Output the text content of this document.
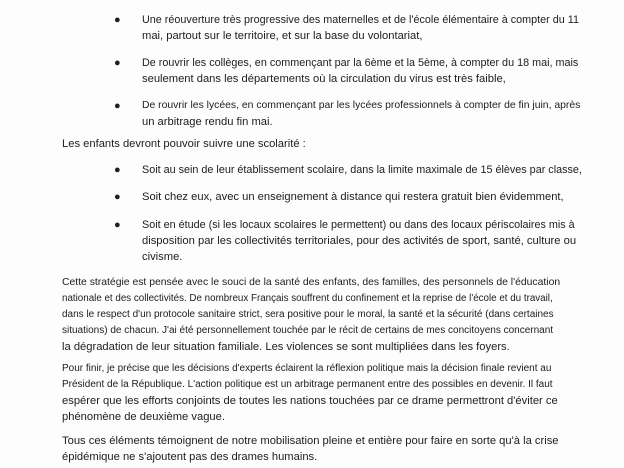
● Une réouverture très progressive des maternelles et de l'école élémentaire à compter du 11
mai, partout sur le territoire, et sur la base du volontariat,
● De rouvrir les collèges, en commençant par la 6ème et la 5ème, à compter du 18 mai, mais
seulement dans les départements où la circulation du virus est très faible,
● De rouvrir les lycées, en commençant par les lycées professionnels à compter de fin juin, après
un arbitrage rendu fin mai.
Les enfants devront pouvoir suivre une scolarité :
● Soit au sein de leur établissement scolaire, dans la limite maximale de 15 élèves par classe,
● Soit chez eux, avec un enseignement à distance qui restera gratuit bien évidemment,
● Soit en étude (si les locaux scolaires le permettent) ou dans des locaux périscolaires mis à
disposition par les collectivités territoriales, pour des activités de sport, santé, culture ou
civisme.
Cette stratégie est pensée avec le souci de la santé des enfants, des familles, des personnels de l'éducation
nationale et des collectivités. De nombreux Français souffrent du confinement et la reprise de l'école et du travail,
dans le respect d'un protocole sanitaire strict, sera positive pour le moral, la santé et la sécurité (dans certaines
situations) de chacun. J'ai été personnellement touchée par le récit de certains de mes concitoyens concernant
la dégradation de leur situation familiale. Les violences se sont multipliées dans les foyers.
Pour finir, je précise que les décisions d'experts éclairent la réflexion politique mais la décision finale revient au
Président de la République. L'action politique est un arbitrage permanent entre des possibles en devenir. Il faut
espérer que les efforts conjoints de toutes les nations touchées par ce drame permettront d'éviter ce
phénomène de deuxième vague.
Tous ces éléments témoignent de notre mobilisation pleine et entière pour faire en sorte qu'à la crise
épidémique ne s'ajoutent pas des drames humains.
